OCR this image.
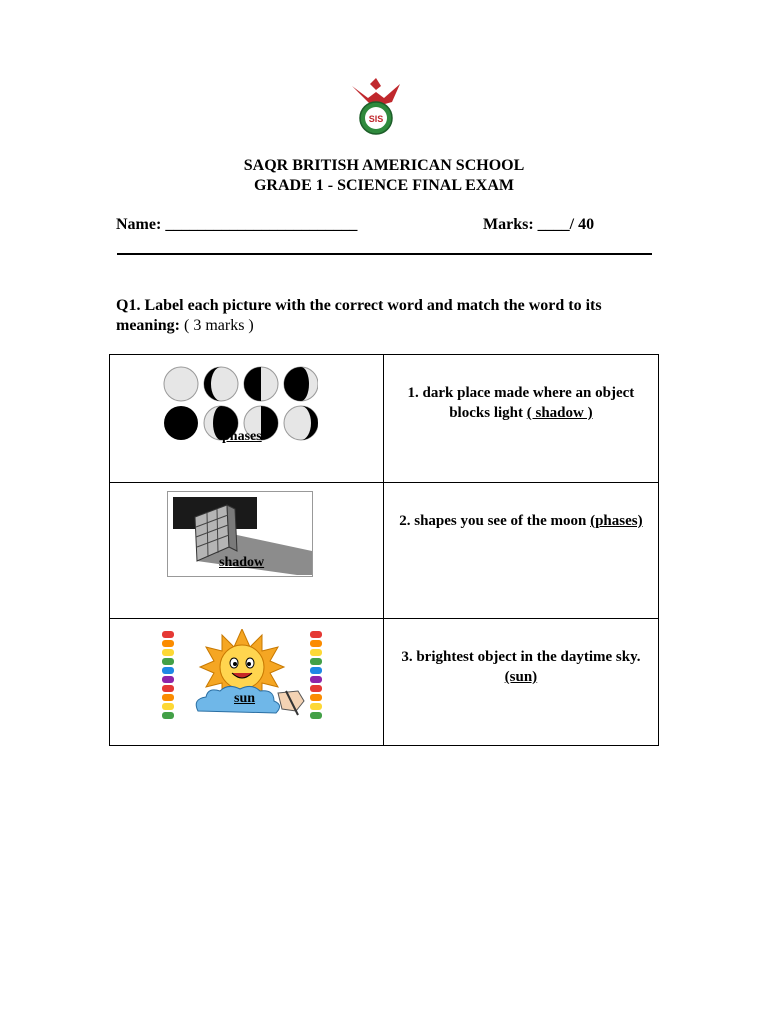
SIS
SAQR BRITISH AMERICAN SCHOOL
GRADE 1 - SCIENCE FINAL EXAM
Name: ________________________	Marks: ____/ 40
Q1. Label each picture with the correct word and match the word to its meaning: ( 3 marks )
phases	1. dark place made where an object blocks light ( shadow )

shadow	2. shapes you see of the moon (phases)

sun	3. brightest object in the daytime sky. (sun)
